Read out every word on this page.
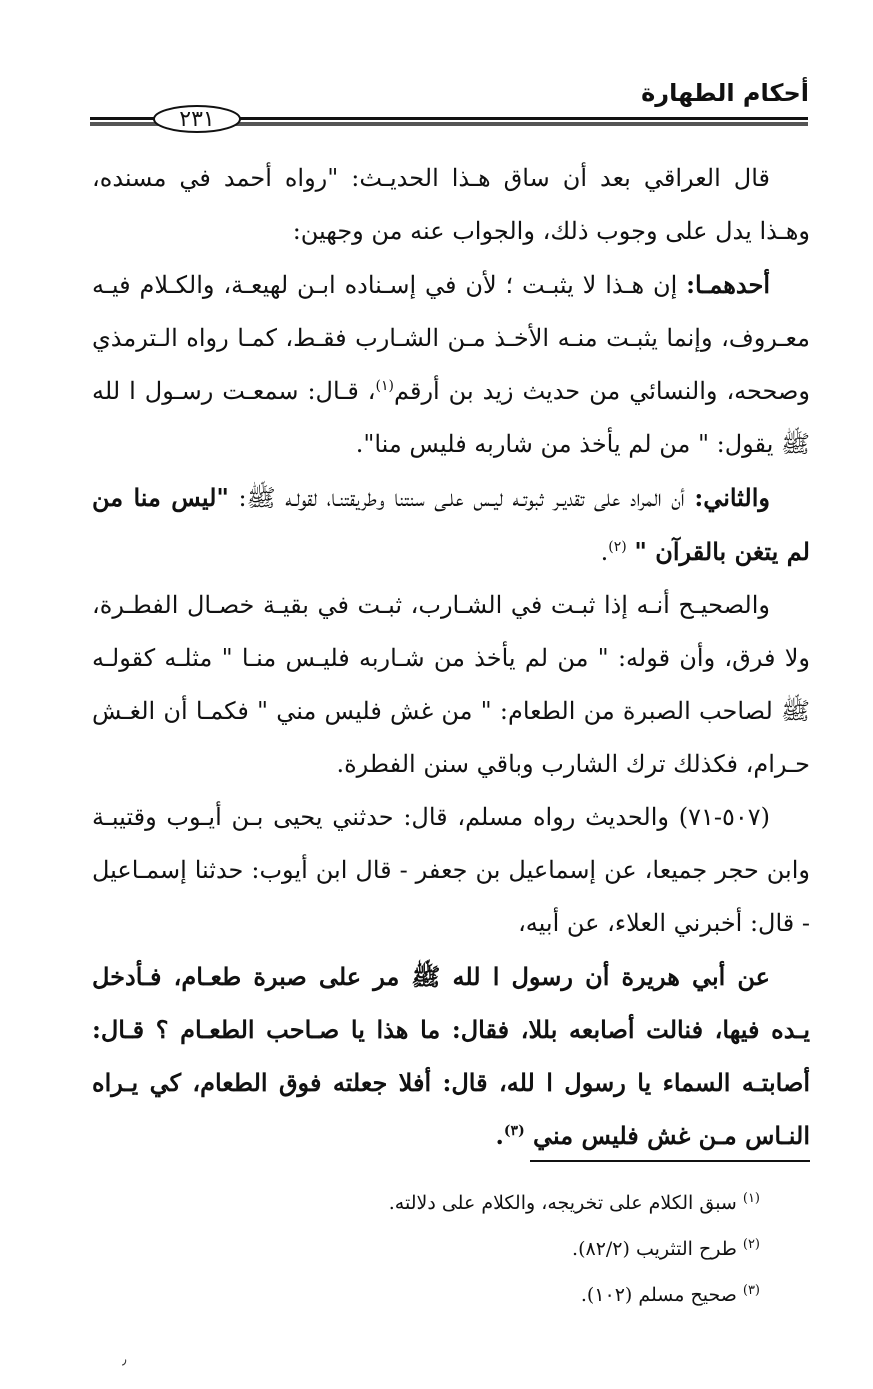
أحكام الطهارة
٢٣١

قال العراقي بعد أن ساق هـذا الحديـث: "رواه أحمد في مسنده، وهـذا يدل على وجوب ذلك، والجواب عنه من وجهين:

أحدهمـا: إن هـذا لا يثبـت ؛ لأن في إسـناده ابـن لهيعـة، والكـلام فيـه معـروف، وإنما يثبـت منـه الأخـذ مـن الشـارب فقـط، كمـا رواه الـترمذي وصححه، والنسائي من حديث زيد بن أرقم$^{(١)}$، قـال: سمعـت رسـول ا لله ﷺ يقول: " من لم يأخذ من شاربه فليس منا".

والثاني: أن المراد على تقديـر ثبوتـه ليـس علـى سنتنا وطريقتنـا، لقولـه ﷺ: "ليس منا من لم يتغن بالقرآن " $^{(٢)}$.

والصحيـح أنـه إذا ثبـت في الشـارب، ثبـت في بقيـة خصـال الفطـرة، ولا فرق، وأن قوله: " من لم يأخذ من شـاربه فليـس منـا " مثلـه كقولـه ﷺ لصاحب الصبرة من الطعام: " من غش فليس مني " فكمـا أن الغـش حـرام، فكذلك ترك الشارب وباقي سنن الفطرة.

(٥٠٧-٧١) والحديث رواه مسلم، قال: حدثني يحيى بـن أيـوب وقتيبـة وابن حجر جميعا، عن إسماعيل بن جعفر - قال ابن أيوب: حدثنا إسمـاعيل - قال: أخبرني العلاء، عن أبيه،

عن أبي هريرة أن رسول ا لله ﷺ مر على صبرة طعـام، فـأدخل يـده فيها، فنالت أصابعه بللا، فقال: ما هذا يا صـاحب الطعـام ؟ قـال: أصابتـه السماء يا رسول ا لله، قال: أفلا جعلته فوق الطعام، كي يـراه النـاس مـن غش فليس مني $^{(٣)}$.

$^{(١)}$سبق الكلام على تخريجه، والكلام على دلالته.

$^{(٢)}$طرح التثريب (٨٢/٢).

$^{(٣)}$صحيح مسلم (١٠٢).

٫
